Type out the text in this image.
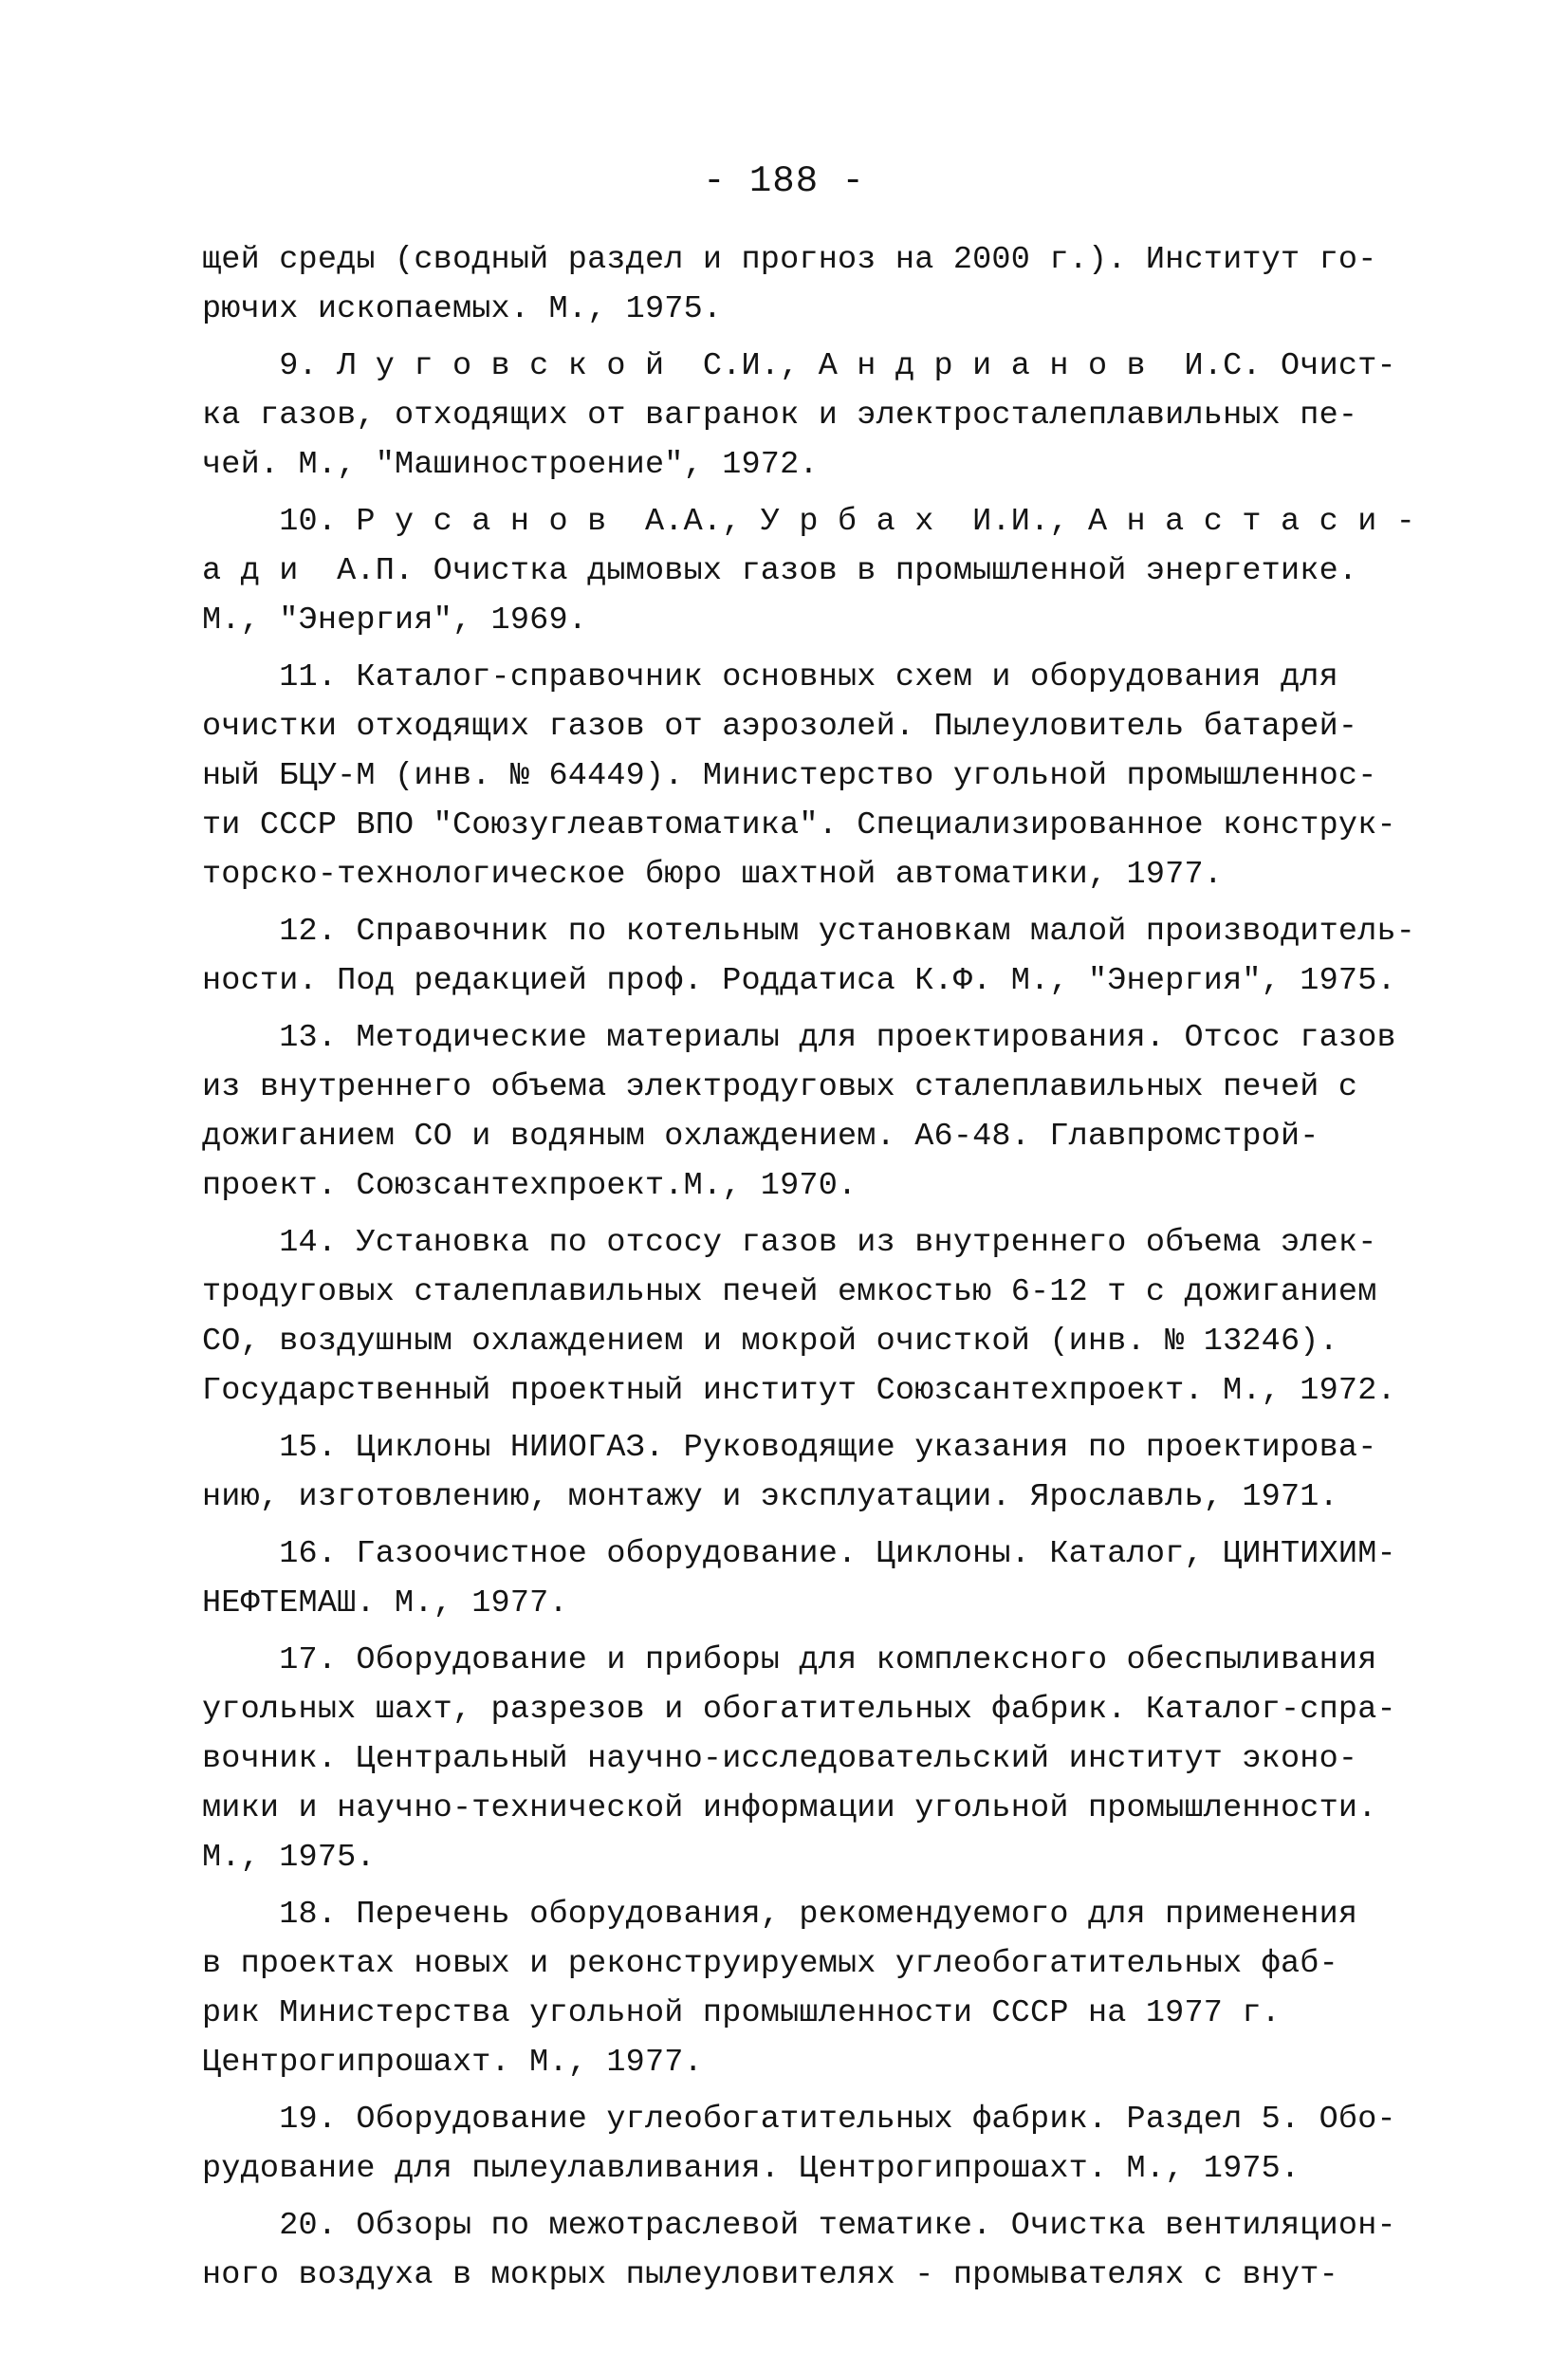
- 188 -
щей среды (сводный раздел и прогноз на 2000 г.). Институт го-
рючих ископаемых. М., 1975.
9. Л у г о в с к о й  С.И., А н д р и а н о в  И.С. Очист-
ка газов, отходящих от вагранок и электросталеплавильных пе-
чей. М., "Машиностроение", 1972.
10. Р у с а н о в  А.А., У р б а х  И.И., А н а с т а с и -
а д и  А.П. Очистка дымовых газов в промышленной энергетике.
М., "Энергия", 1969.
11. Каталог-справочник основных схем и оборудования для
очистки отходящих газов от аэрозолей. Пылеуловитель батарей-
ный БЦУ-М (инв. № 64449). Министерство угольной промышленнос-
ти СССР ВПО "Союзуглеавтоматика". Специализированное конструк-
торско-технологическое бюро шахтной автоматики, 1977.
12. Справочник по котельным установкам малой производитель-
ности. Под редакцией проф. Роддатиса К.Ф. М., "Энергия", 1975.
13. Методические материалы для проектирования. Отсос газов
из внутреннего объема электродуговых сталеплавильных печей с
дожиганием СО и водяным охлаждением. А6-48. Главпромстрой-
проект. Союзсантехпроект.М., 1970.
14. Установка по отсосу газов из внутреннего объема элек-
тродуговых сталеплавильных печей емкостью 6-12 т с дожиганием
СО, воздушным охлаждением и мокрой очисткой (инв. № 13246).
Государственный проектный институт Союзсантехпроект. М., 1972.
15. Циклоны НИИОГАЗ. Руководящие указания по проектирова-
нию, изготовлению, монтажу и эксплуатации. Ярославль, 1971.
16. Газоочистное оборудование. Циклоны. Каталог, ЦИНТИХИМ-
НЕФТЕМАШ. М., 1977.
17. Оборудование и приборы для комплексного обеспыливания
угольных шахт, разрезов и обогатительных фабрик. Каталог-спра-
вочник. Центральный научно-исследовательский институт эконо-
мики и научно-технической информации угольной промышленности.
М., 1975.
18. Перечень оборудования, рекомендуемого для применения
в проектах новых и реконструируемых углеобогатительных фаб-
рик Министерства угольной промышленности СССР на 1977 г.
Центрогипрошахт. М., 1977.
19. Оборудование углеобогатительных фабрик. Раздел 5. Обо-
рудование для пылеулавливания. Центрогипрошахт. М., 1975.
20. Обзоры по межотраслевой тематике. Очистка вентиляцион-
ного воздуха в мокрых пылеуловителях - промывателях с внут-
